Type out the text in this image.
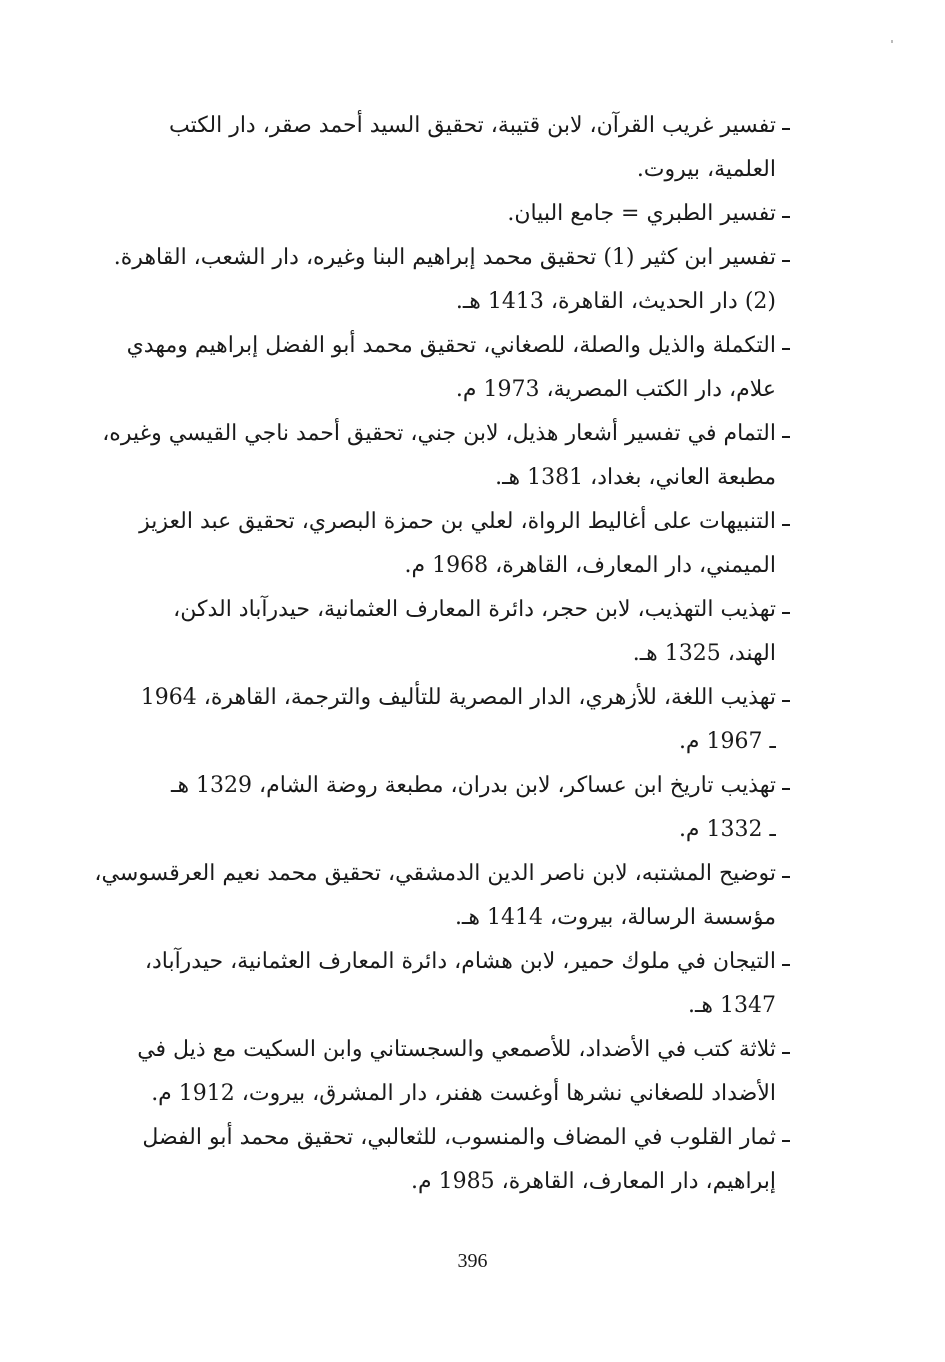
تفسير غريب القرآن، لابن قتيبة، تحقيق السيد أحمد صقر، دار الكتب
العلمية، بيروت.
تفسير الطبري = جامع البيان.
تفسير ابن كثير (1) تحقيق محمد إبراهيم البنا وغيره، دار الشعب، القاهرة.
(2) دار الحديث، القاهرة، 1413 هـ.
التكملة والذيل والصلة، للصغاني، تحقيق محمد أبو الفضل إبراهيم ومهدي
علام، دار الكتب المصرية، 1973 م.
التمام في تفسير أشعار هذيل، لابن جني، تحقيق أحمد ناجي القيسي وغيره،
مطبعة العاني، بغداد، 1381 هـ.
التنبيهات على أغاليط الرواة، لعلي بن حمزة البصري، تحقيق عبد العزيز
الميمني، دار المعارف، القاهرة، 1968 م.
تهذيب التهذيب، لابن حجر، دائرة المعارف العثمانية، حيدرآباد الدكن،
الهند، 1325 هـ.
تهذيب اللغة، للأزهري، الدار المصرية للتأليف والترجمة، القاهرة، 1964
ـ 1967 م.
تهذيب تاريخ ابن عساكر، لابن بدران، مطبعة روضة الشام، 1329 هـ
ـ 1332 م.
توضيح المشتبه، لابن ناصر الدين الدمشقي، تحقيق محمد نعيم العرقسوسي،
مؤسسة الرسالة، بيروت، 1414 هـ.
التيجان في ملوك حمير، لابن هشام، دائرة المعارف العثمانية، حيدرآباد،
1347 هـ.
ثلاثة كتب في الأضداد، للأصمعي والسجستاني وابن السكيت مع ذيل في
الأضداد للصغاني نشرها أوغست هفنر، دار المشرق، بيروت، 1912 م.
ثمار القلوب في المضاف والمنسوب، للثعالبي، تحقيق محمد أبو الفضل
إبراهيم، دار المعارف، القاهرة، 1985 م.
396
